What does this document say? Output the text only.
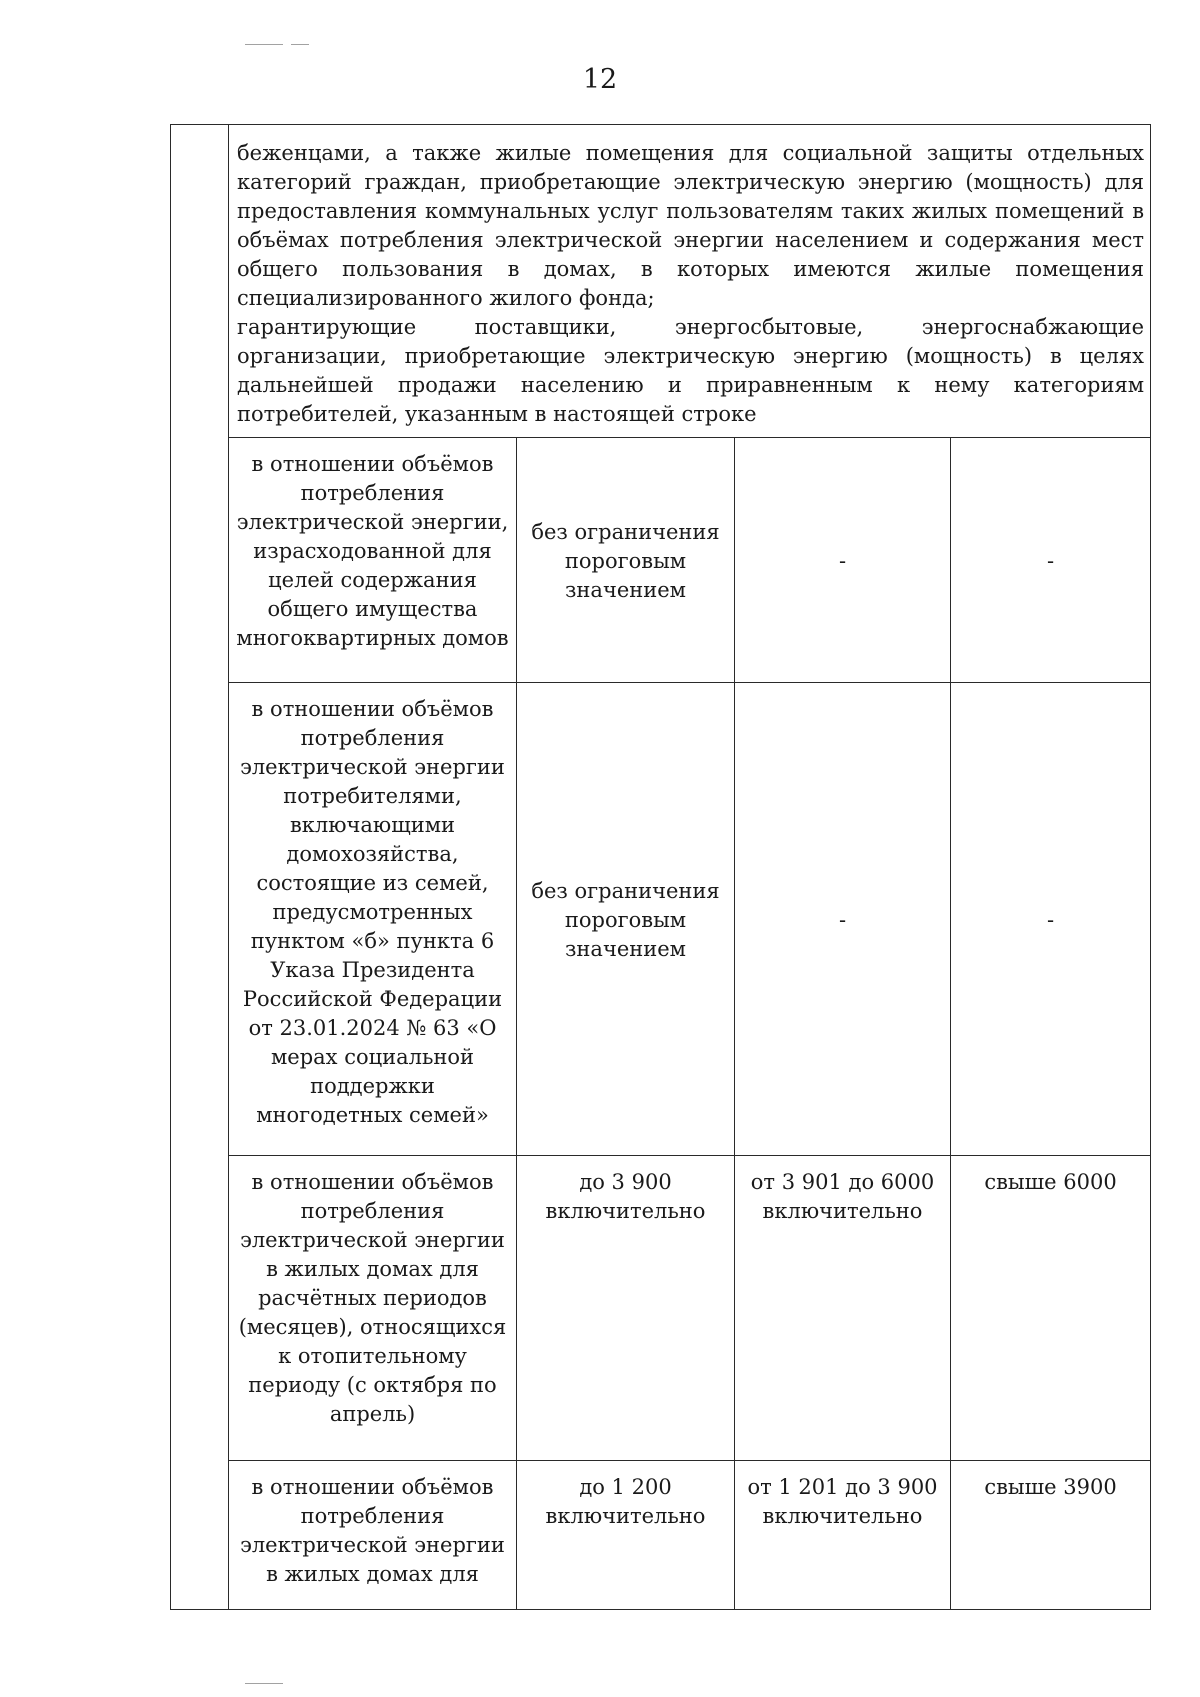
12

	беженцами, а также жилые помещения для социальной защиты отдельных категорий граждан, приобретающие электрическую энергию (мощность) для предоставления коммунальных услуг пользователям таких жилых помещений в объёмах потребления электрической энергии населением и содержания мест общего пользования в домах, в которых имеются жилые помещения специализированного жилого фонда;

гарантирующие поставщики, энергосбытовые, энергоснабжающие организации, приобретающие электрическую энергию (мощность) в целях дальнейшей продажи населению и приравненным к нему категориям потребителей, указанным в настоящей строке			

	в отношении объёмов потребления электрической энергии, израсходованной для целей содержания общего имущества многоквартирных домов	без ограничения пороговым значением	-	-
	в отношении объёмов потребления электрической энергии потребителями, включающими домохозяйства, состоящие из семей, предусмотренных пунктом «б» пункта 6 Указа Президента Российской Федерации от 23.01.2024 № 63 «О мерах социальной поддержки многодетных семей»	без ограничения пороговым значением	-	-
	в отношении объёмов потребления электрической энергии в жилых домах для расчётных периодов (месяцев), относящихся к отопительному периоду (с октября по апрель)	до 3 900 включительно	от 3 901 до 6000 включительно	свыше 6000
	в отношении объёмов потребления электрической энергии в жилых домах для	до 1 200 включительно	от 1 201 до 3 900 включительно	свыше 3900
